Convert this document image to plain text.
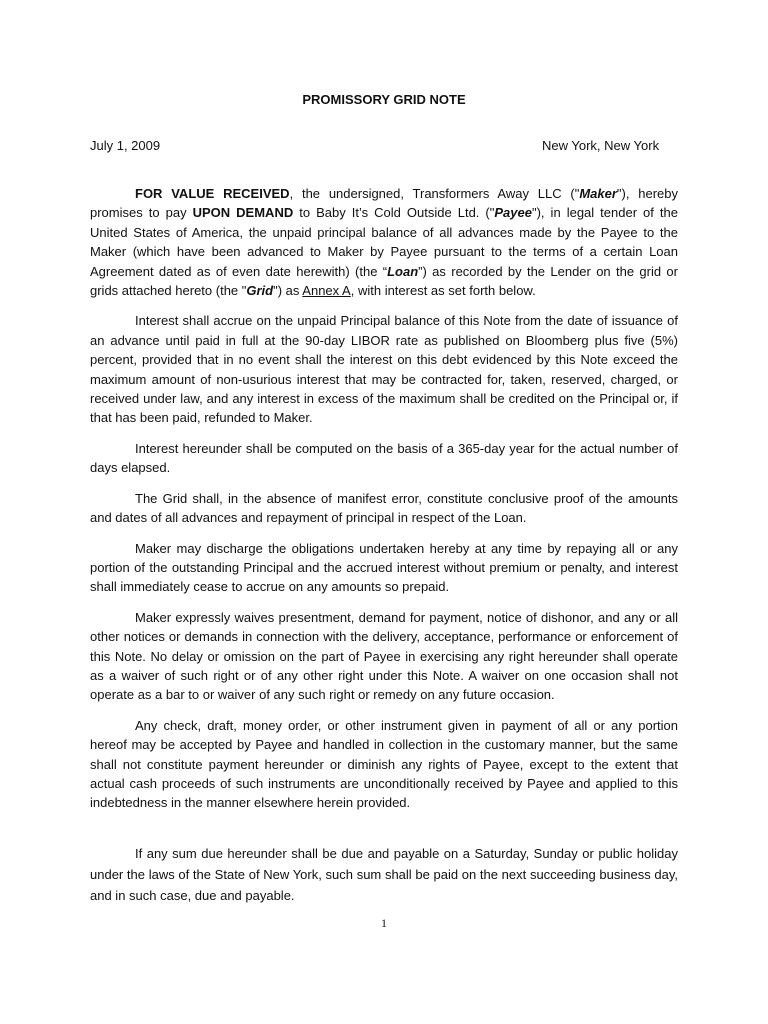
PROMISSORY GRID NOTE
July 1, 2009	New York, New York

FOR VALUE RECEIVED, the undersigned, Transformers Away LLC ("Maker"), hereby promises to pay UPON DEMAND to Baby It’s Cold Outside Ltd. ("Payee"), in legal tender of the United States of America, the unpaid principal balance of all advances made by the Payee to the Maker (which have been advanced to Maker by Payee pursuant to the terms of a certain Loan Agreement dated as of even date herewith) (the “Loan”) as recorded by the Lender on the grid or grids attached hereto (the "Grid") as Annex A, with interest as set forth below.

Interest shall accrue on the unpaid Principal balance of this Note from the date of issuance of an advance until paid in full at the 90-day LIBOR rate as published on Bloomberg plus five (5%) percent, provided that in no event shall the interest on this debt evidenced by this Note exceed the maximum amount of non-usurious interest that may be contracted for, taken, reserved, charged, or received under law, and any interest in excess of the maximum shall be credited on the Principal or, if that has been paid, refunded to Maker.

Interest hereunder shall be computed on the basis of a 365-day year for the actual number of days elapsed.

The Grid shall, in the absence of manifest error, constitute conclusive proof of the amounts and dates of all advances and repayment of principal in respect of the Loan.

Maker may discharge the obligations undertaken hereby at any time by repaying all or any portion of the outstanding Principal and the accrued interest without premium or penalty, and interest shall immediately cease to accrue on any amounts so prepaid.

Maker expressly waives presentment, demand for payment, notice of dishonor, and any or all other notices or demands in connection with the delivery, acceptance, performance or enforcement of this Note. No delay or omission on the part of Payee in exercising any right hereunder shall operate as a waiver of such right or of any other right under this Note. A waiver on one occasion shall not operate as a bar to or waiver of any such right or remedy on any future occasion.

Any check, draft, money order, or other instrument given in payment of all or any portion hereof may be accepted by Payee and handled in collection in the customary manner, but the same shall not constitute payment hereunder or diminish any rights of Payee, except to the extent that actual cash proceeds of such instruments are unconditionally received by Payee and applied to this indebtedness in the manner elsewhere herein provided.

If any sum due hereunder shall be due and payable on a Saturday, Sunday or public holiday under the laws of the State of New York, such sum shall be paid on the next succeeding business day, and in such case, due and payable.

1
